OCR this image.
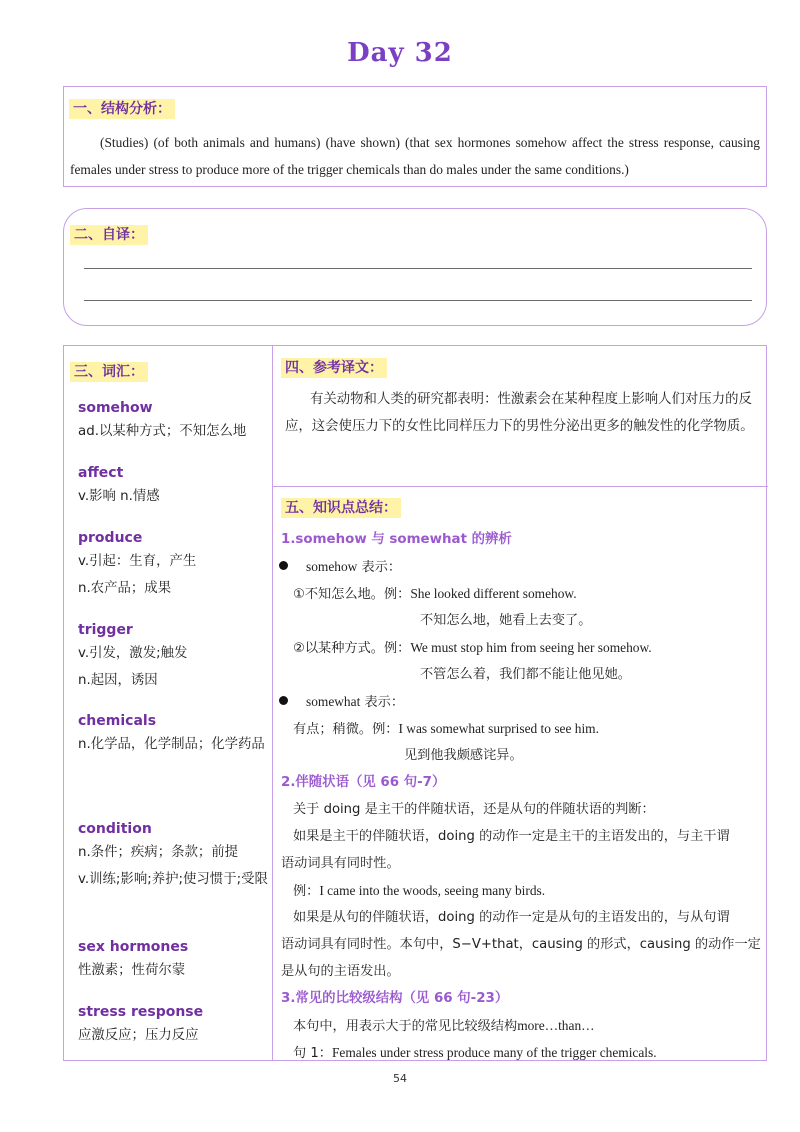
Day 32
一、结构分析：
(Studies) (of both animals and humans) (have shown) (that sex hormones somehow affect the stress response, causing females under stress to produce more of the trigger chemicals than do males under the same conditions.)
二、自译：
三、词汇：
somehow
ad.以某种方式；不知怎么地
affect
v.影响 n.情感
produce
v.引起：生育，产生
n.农产品；成果
trigger
v.引发，激发;触发
n.起因，诱因
chemicals
n.化学品，化学制品；化学药品
condition
n.条件；疾病；条款；前提
v.训练;影响;养护;使习惯于;受限
sex hormones
性激素；性荷尔蒙
stress response
应激反应；压力反应
四、参考译文：
有关动物和人类的研究都表明：性激素会在某种程度上影响人们对压力的反应，这会使压力下的女性比同样压力下的男性分泌出更多的触发性的化学物质。
五、知识点总结：
1.somehow 与 somewhat 的辨析
somehow 表示：
①不知怎么地。例：She looked different somehow.
不知怎么地，她看上去变了。
②以某种方式。例：We must stop him from seeing her somehow.
不管怎么着，我们都不能让他见她。
somewhat 表示：
有点；稍微。例：I was somewhat surprised to see him.
见到他我颇感诧异。
2.伴随状语（见 66 句-7）
关于 doing 是主干的伴随状语，还是从句的伴随状语的判断：
如果是主干的伴随状语，doing 的动作一定是主干的主语发出的，与主干谓
语动词具有同时性。
例：I came into the woods, seeing many birds.
如果是从句的伴随状语，doing 的动作一定是从句的主语发出的，与从句谓
语动词具有同时性。本句中，S−V+that，causing 的形式，causing 的动作一定
是从句的主语发出。
3.常见的比较级结构（见 66 句-23）
本句中，用表示大于的常见比较级结构more…than…
句 1：Females under stress produce many of the trigger chemicals.
54
